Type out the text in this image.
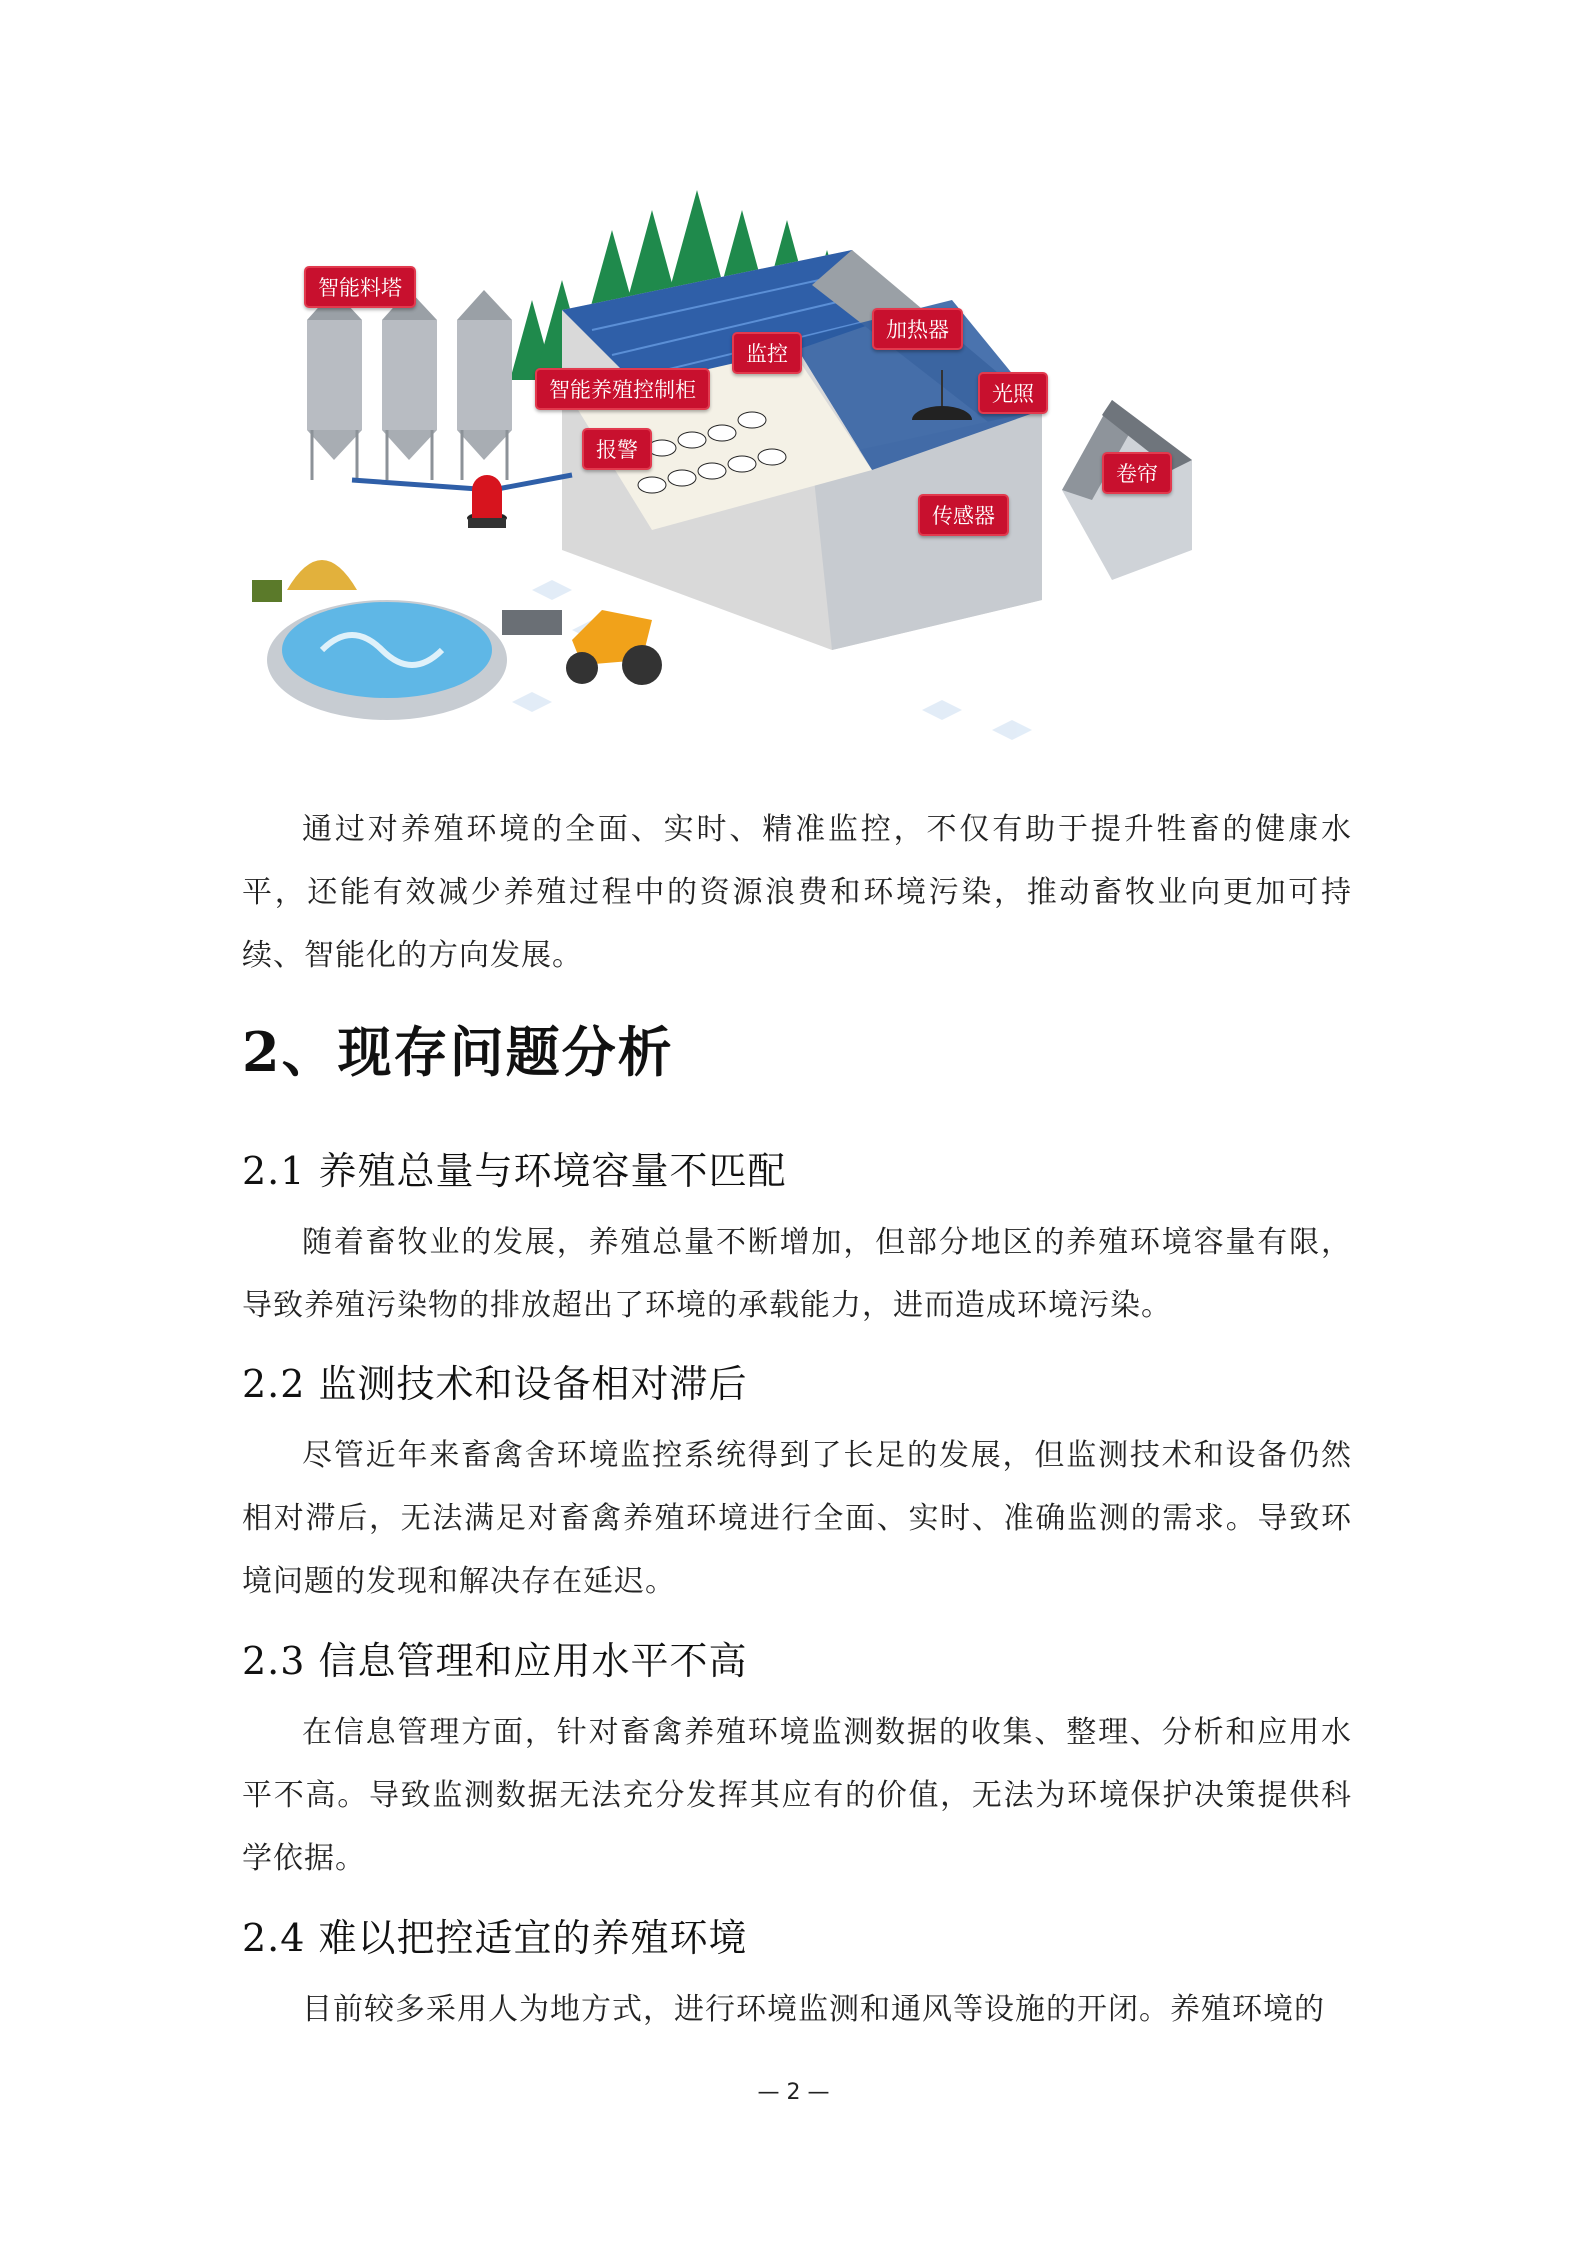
智能料塔
智能养殖控制柜
报警
监控
加热器
光照
卷帘
传感器
通过对养殖环境的全面、实时、精准监控，不仅有助于提升牲畜的健康水平，还能有效减少养殖过程中的资源浪费和环境污染，推动畜牧业向更加可持续、智能化的方向发展。
2、现存问题分析
2.1 养殖总量与环境容量不匹配
随着畜牧业的发展，养殖总量不断增加，但部分地区的养殖环境容量有限，导致养殖污染物的排放超出了环境的承载能力，进而造成环境污染。
2.2 监测技术和设备相对滞后
尽管近年来畜禽舍环境监控系统得到了长足的发展，但监测技术和设备仍然相对滞后，无法满足对畜禽养殖环境进行全面、实时、准确监测的需求。导致环境问题的发现和解决存在延迟。
2.3 信息管理和应用水平不高
在信息管理方面，针对畜禽养殖环境监测数据的收集、整理、分析和应用水平不高。导致监测数据无法充分发挥其应有的价值，无法为环境保护决策提供科学依据。
2.4 难以把控适宜的养殖环境
目前较多采用人为地方式，进行环境监测和通风等设施的开闭。养殖环境的
— 2 —
